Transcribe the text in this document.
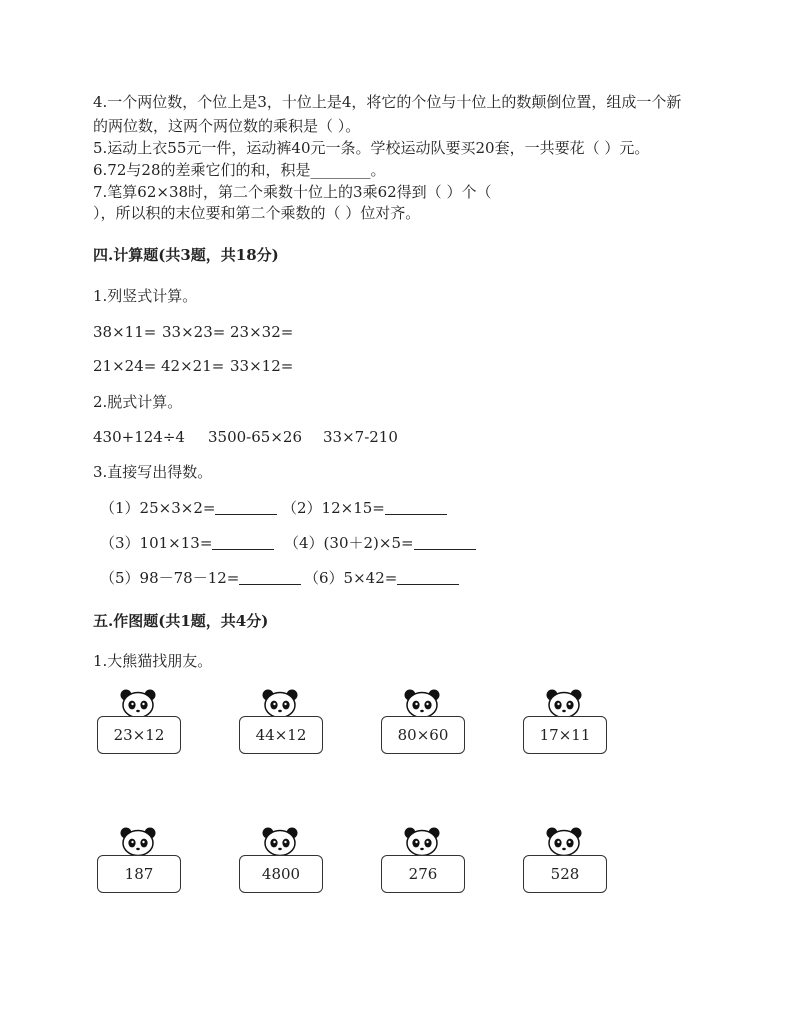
4.一个两位数，个位上是3，十位上是4，将它的个位与十位上的数颠倒位置，组成一个新
的两位数，这两个两位数的乘积是（ ）。
5.运动上衣55元一件，运动裤40元一条。学校运动队要买20套，一共要花（ ）元。
6.72与28的差乘它们的和，积是________。
7.笔算62×38时，第二个乘数十位上的3乘62得到（ ）个（
），所以积的末位要和第二个乘数的（ ）位对齐。
四.计算题(共3题，共18分)
1.列竖式计算。
38×11= 33×23= 23×32=
21×24= 42×21= 33×12=
2.脱式计算。
430+124÷4 3500-65×26 33×7-210
3.直接写出得数。
（1）25×3×2=	（2）12×15=
（3）101×13=	（4）(30＋2)×5=
（5）98－78－12=	（6）5×42=
五.作图题(共1题，共4分)
1.大熊猫找朋友。
23×12	44×12	80×60	17×11
187	4800	276	528
